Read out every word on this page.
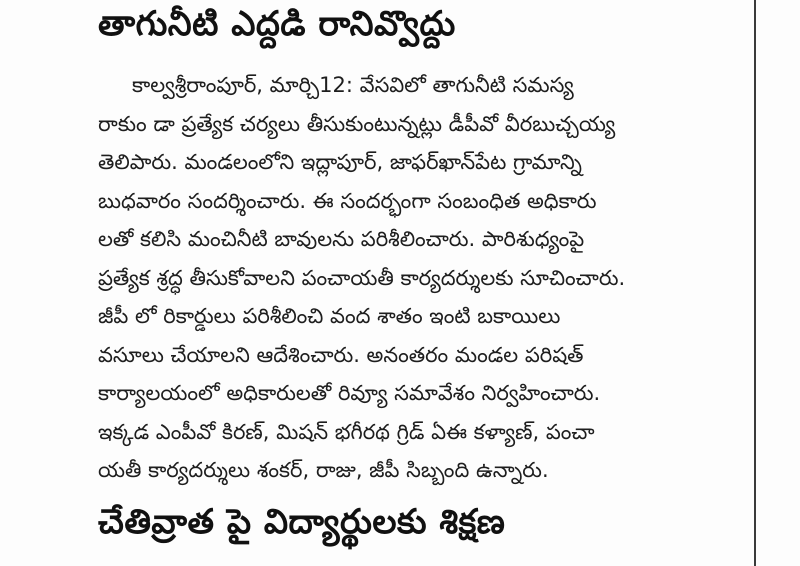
తాగునీటి ఎద్దడి రానివ్వొద్దు
కాల్వశ్రీరాంపూర్, మార్చి12: వేసవిలో తాగునీటి సమస్య
రాకుం డా ప్రత్యేక చర్యలు తీసుకుంటున్నట్లు డీపీవో వీరబుచ్చయ్య
తెలిపారు. మండలంలోని ఇద్లాపూర్, జాఫర్‌ఖాన్‌పేట గ్రామాన్ని
బుధవారం సందర్శించారు. ఈ సందర్భంగా సంబంధిత అధికారు
లతో కలిసి మంచినీటి బావులను పరిశీలించారు. పారిశుధ్యంపై
ప్రత్యేక శ్రద్ధ తీసుకోవాలని పంచాయతీ కార్యదర్శులకు సూచించారు.
జీపీ లో రికార్డులు పరిశీలించి వంద శాతం ఇంటి బకాయిలు
వసూలు చేయాలని ఆదేశించారు. అనంతరం మండల పరిషత్
కార్యాలయంలో అధికారులతో రివ్యూ సమావేశం నిర్వహించారు.
ఇక్కడ ఎంపీవో కిరణ్, మిషన్ భగీరథ గ్రిడ్ ఏఈ కళ్యాణ్, పంచా
యతీ కార్యదర్శులు శంకర్, రాజు, జీపీ సిబ్బంది ఉన్నారు.
చేతివ్రాత పై విద్యార్థులకు శిక్షణ
